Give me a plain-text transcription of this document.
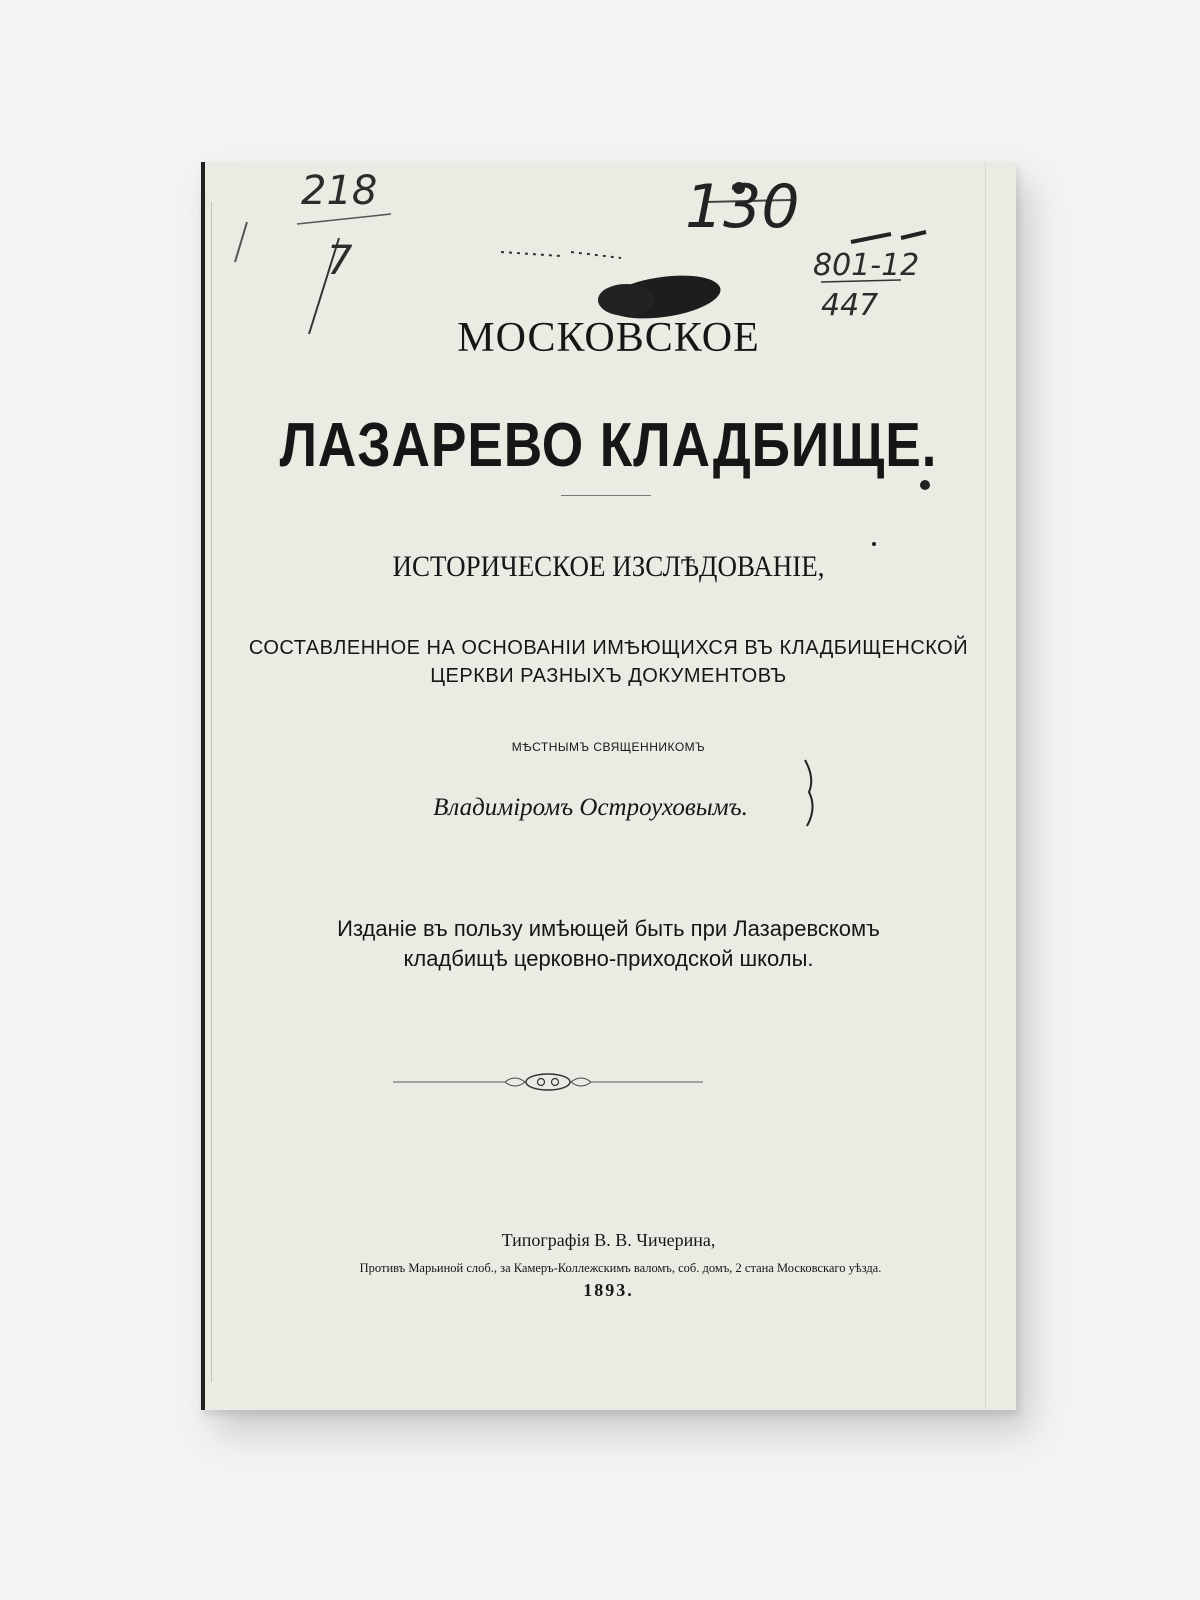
218
7
130
801-12
447
МОСКОВСКОЕ
ЛАЗАРЕВО КЛАДБИЩЕ.
ИСТОРИЧЕСКОЕ ИЗСЛѢДОВАНІЕ,
СОСТАВЛЕННОЕ НА ОСНОВАНІИ ИМѢЮЩИХСЯ ВЪ КЛАДБИЩЕНСКОЙ
ЦЕРКВИ РАЗНЫХЪ ДОКУМЕНТОВЪ
МѢСТНЫМЪ СВЯЩЕННИКОМЪ
Владиміромъ Остроуховымъ.
Изданіе въ пользу имѣющей быть при Лазаревскомъ
кладбищѣ церковно-приходской школы.
Типографія В. В. Чичерина,
Противъ Марьиной слоб., за Камеръ-Коллежскимъ валомъ, соб. домъ, 2 стана Московскаго уѣзда.
1893.
